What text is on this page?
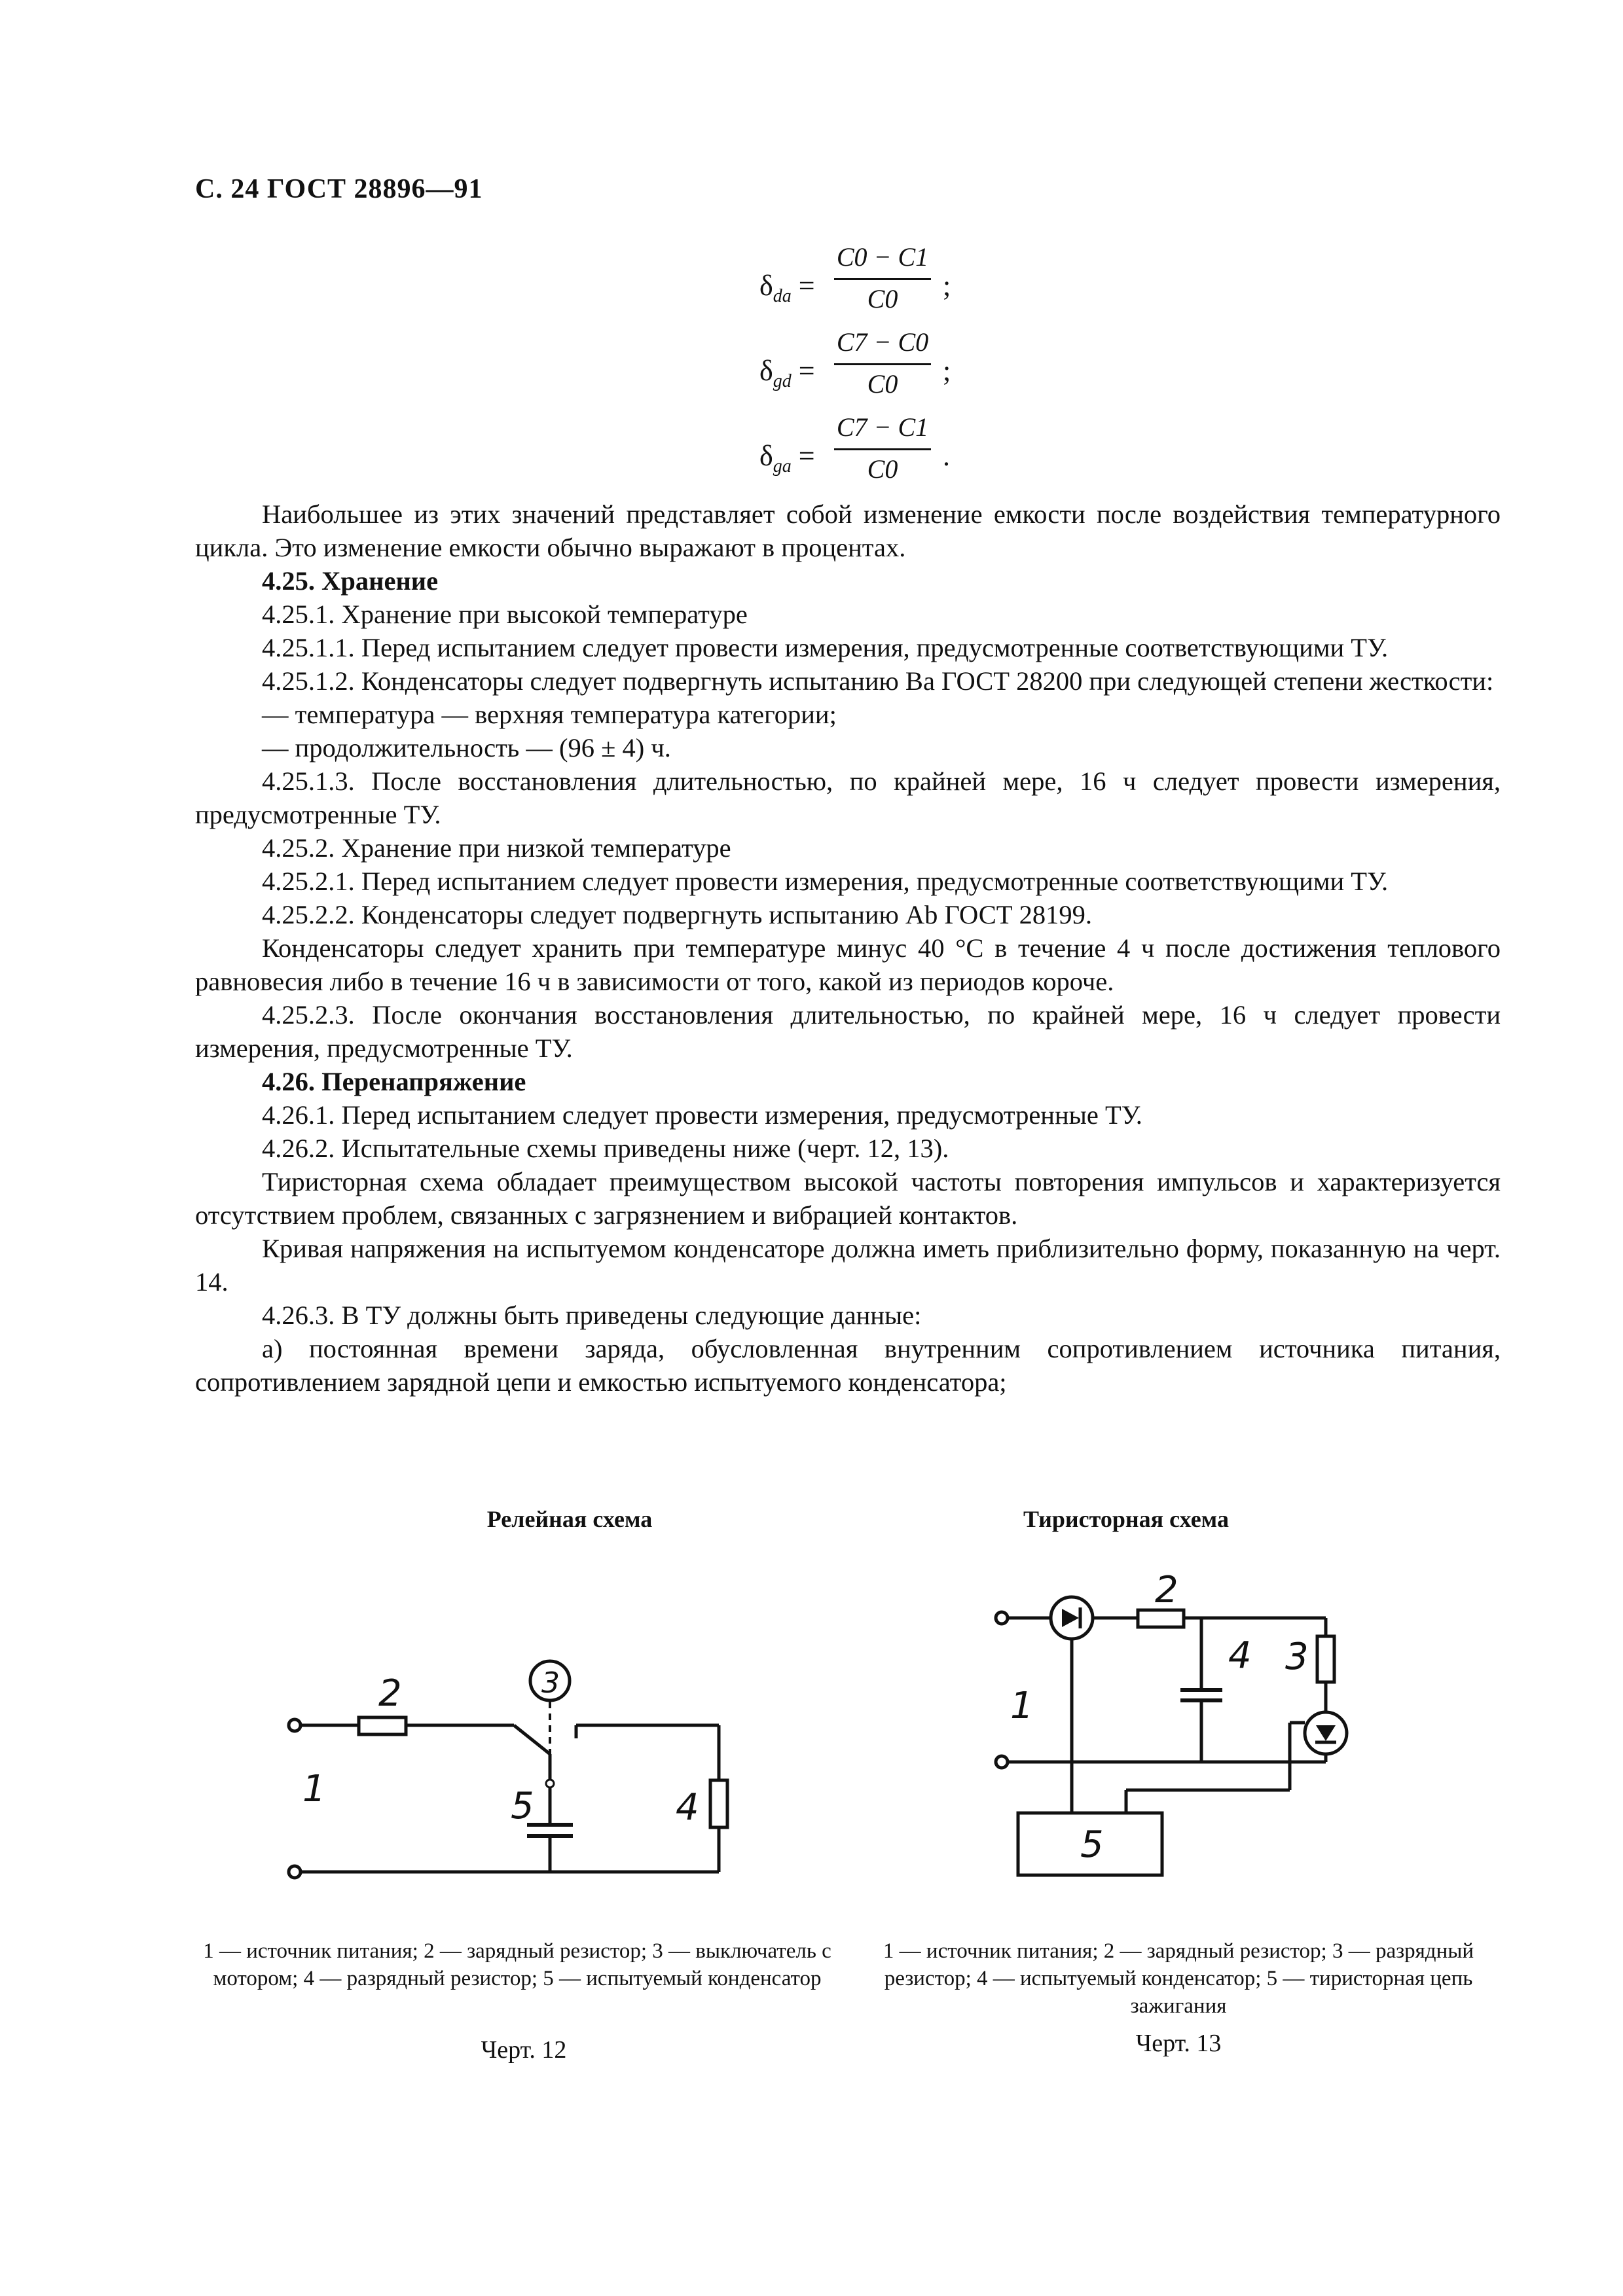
С. 24 ГОСТ 28896—91
$\delta_{da}$ =
C0 − C1
C0	;
$\delta_{gd}$ =
C7 − C0
C0	;
$\delta_{ga}$ =
C7 − C1
C0	.

Наибольшее из этих значений представляет собой изменение емкости после воздействия температурного цикла. Это изменение емкости обычно выражают в процентах.

4.25. Хранение

4.25.1. Хранение при высокой температуре

4.25.1.1. Перед испытанием следует провести измерения, предусмотренные соответствующими ТУ.

4.25.1.2. Конденсаторы следует подвергнуть испытанию Ba ГОСТ 28200 при следующей степени жесткости:

— температура — верхняя температура категории;

— продолжительность — (96 ± 4) ч.

4.25.1.3. После восстановления длительностью, по крайней мере, 16 ч следует провести измерения, предусмотренные ТУ.

4.25.2. Хранение при низкой температуре

4.25.2.1. Перед испытанием следует провести измерения, предусмотренные соответствующими ТУ.

4.25.2.2. Конденсаторы следует подвергнуть испытанию Ab ГОСТ 28199.

Конденсаторы следует хранить при температуре минус 40 °С в течение 4 ч после достижения теплового равновесия либо в течение 16 ч в зависимости от того, какой из периодов короче.

4.25.2.3. После окончания восстановления длительностью, по крайней мере, 16 ч следует провести измерения, предусмотренные ТУ.

4.26. Перенапряжение

4.26.1. Перед испытанием следует провести измерения, предусмотренные ТУ.

4.26.2. Испытательные схемы приведены ниже (черт. 12, 13).

Тиристорная схема обладает преимуществом высокой частоты повторения импульсов и характеризуется отсутствием проблем, связанных с загрязнением и вибрацией контактов.

Кривая напряжения на испытуемом конденсаторе должна иметь приблизительно форму, показанную на черт. 14.

4.26.3. В ТУ должны быть приведены следующие данные:

а) постоянная времени заряда, обусловленная внутренним сопротивлением источника питания, сопротивлением зарядной цепи и емкостью испытуемого конденсатора;

Релейная схема
1
2	3
4
5
1 — источник питания; 2 — зарядный резистор; 3 — выключатель с мотором; 4 — разрядный резистор; 5 — испытуемый конденсатор
Черт. 12
Тиристорная схема
1
2
3
4
5
1 — источник питания; 2 — зарядный резистор; 3 — разрядный резистор; 4 — испытуемый конденсатор; 5 — тиристорная цепь зажигания
Черт. 13
